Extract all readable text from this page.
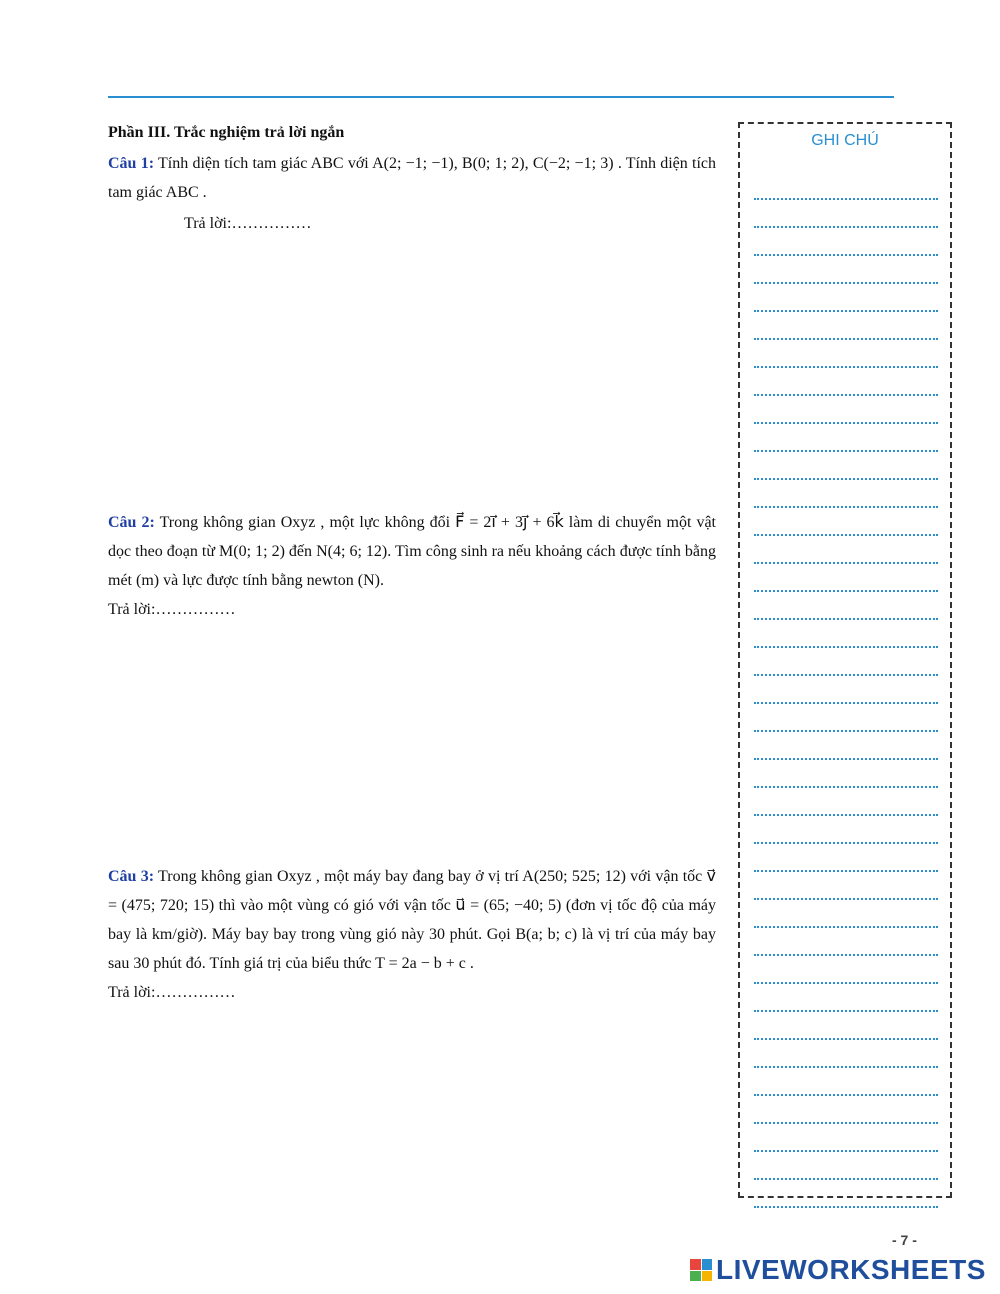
Phần III. Trắc nghiệm trả lời ngắn

Câu 1: Tính diện tích tam giác ABC với A(2; −1; −1), B(0; 1; 2), C(−2; −1; 3) . Tính diện tích tam giác ABC .

Trả lời:……………

Câu 2: Trong không gian Oxyz , một lực không đổi F⃗ = 2i⃗ + 3j⃗ + 6k⃗ làm di chuyển một vật dọc theo đoạn từ M(0; 1; 2) đến N(4; 6; 12). Tìm công sinh ra nếu khoảng cách được tính bằng mét (m) và lực được tính bằng newton (N).

Trả lời:……………

Câu 3: Trong không gian Oxyz , một máy bay đang bay ở vị trí A(250; 525; 12) với vận tốc v⃗ = (475; 720; 15) thì vào một vùng có gió với vận tốc u⃗ = (65; −40; 5) (đơn vị tốc độ của máy bay là km/giờ). Máy bay bay trong vùng gió này 30 phút. Gọi B(a; b; c) là vị trí của máy bay sau 30 phút đó. Tính giá trị của biểu thức T = 2a − b + c .

Trả lời:……………

GHI CHÚ
- 7 -
LIVEWORKSHEETS
